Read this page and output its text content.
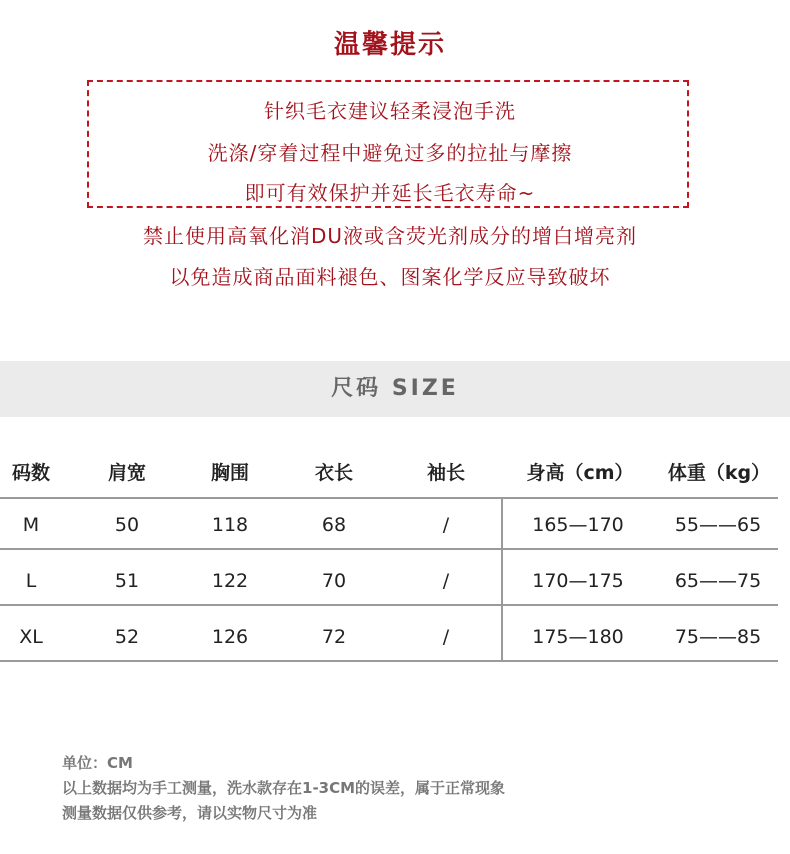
温馨提示
针织毛衣建议轻柔浸泡手洗
洗涤/穿着过程中避免过多的拉扯与摩擦
即可有效保护并延长毛衣寿命~
禁止使用高氧化消DU液或含荧光剂成分的增白增亮剂
以免造成商品面料褪色、图案化学反应导致破坏
尺码 SIZE
码数	肩宽	胸围	衣长	袖长	身高（cm） 体重（kg）
M	50	118	68	/	165—170	55——65
L	51	122	70	/	170—175	65——75
XL	52	126	72	/	175—180	75——85
单位：CM
以上数据均为手工测量，洗水款存在1-3CM的误差，属于正常现象
测量数据仅供参考，请以实物尺寸为准
